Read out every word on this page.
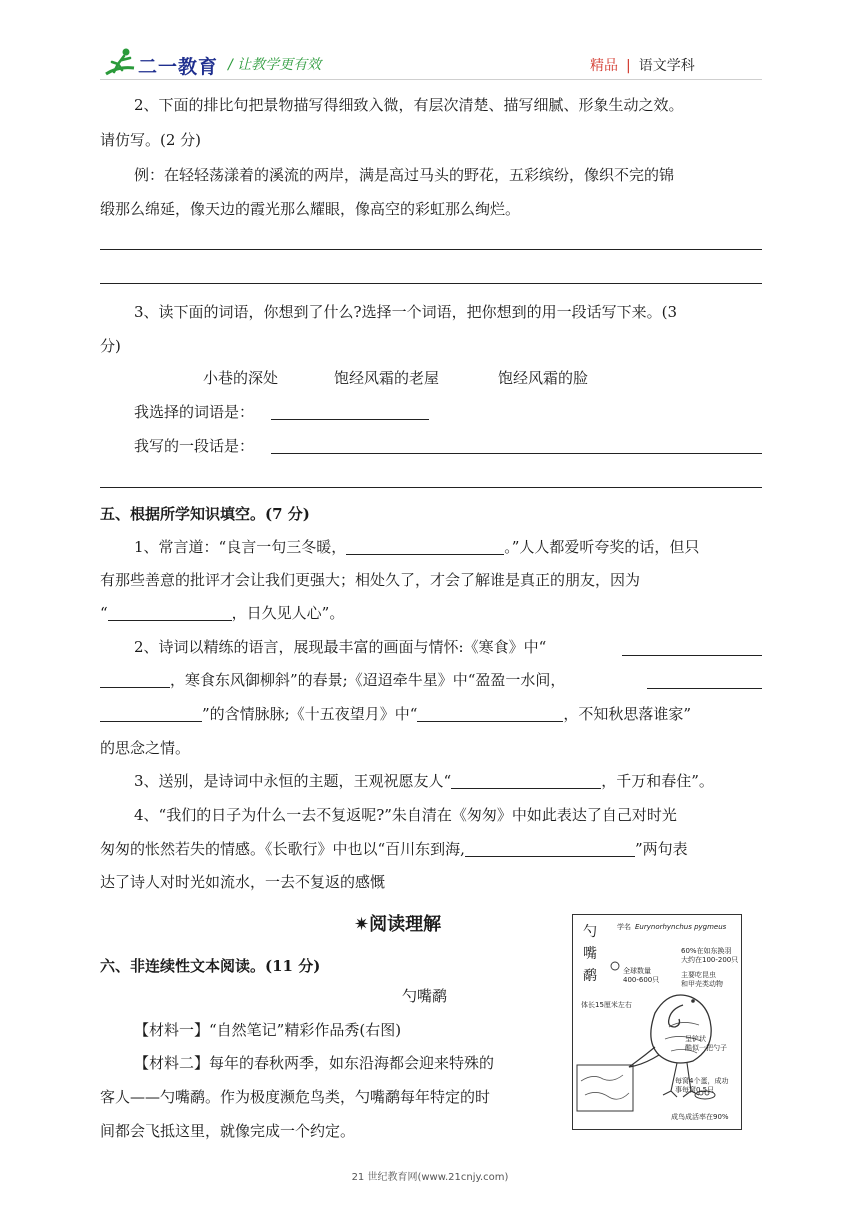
二一教育 / 让教学更有效	精品 | 语文学科
2、下面的排比句把景物描写得细致入微，有层次清楚、描写细腻、形象生动之效。
请仿写。(2 分)
例：在轻轻荡漾着的溪流的两岸，满是高过马头的野花，五彩缤纷，像织不完的锦
缎那么绵延，像天边的霞光那么耀眼，像高空的彩虹那么绚烂。
3、读下面的词语，你想到了什么?选择一个词语，把你想到的用一段话写下来。(3
分)
小巷的深处	饱经风霜的老屋	饱经风霜的脸
我选择的词语是：
我写的一段话是：
五、根据所学知识填空。(7 分)
1、常言道：“良言一句三冬暖，	。”人人都爱听夸奖的话，但只
有那些善意的批评才会让我们更强大；相处久了，才会了解谁是真正的朋友，因为
“	，日久见人心”。
2、诗词以精练的语言，展现最丰富的画面与情怀:《寒食》中“
，寒食东风御柳斜”的春景;《迢迢牵牛星》中“盈盈一水间，
”的含情脉脉;《十五夜望月》中“	，不知秋思落谁家”
的思念之情。
3、送别，是诗词中永恒的主题，王观祝愿友人“	，千万和春住”。
4、“我们的日子为什么一去不复返呢?”朱自清在《匆匆》中如此表达了自己对时光
匆匆的怅然若失的情感。《长歌行》中也以“百川东到海,	”两句表
达了诗人对时光如流水，一去不复返的感慨
✷阅读理解
六、非连续性文本阅读。(11 分)
勺嘴鹬
【材料一】“自然笔记”精彩作品秀(右图)
【材料二】每年的春秋两季，如东沿海都会迎来特殊的
客人——勺嘴鹬。作为极度濒危鸟类，勺嘴鹬每年特定的时
间都会飞抵这里，就像完成一个约定。
勺
嘴
鹬
学名 Eurynorhynchus pygmeus
60%在如东换羽
大约在100-200只
全球数量
400-600只
主要吃昆虫
和甲壳类动物
体长15厘米左右
呈铲状
酷似一把勺子
每窝4个蛋，成功
事每窝0.5只
成鸟成活率在90%
21 世纪教育网(www.21cnjy.com)
